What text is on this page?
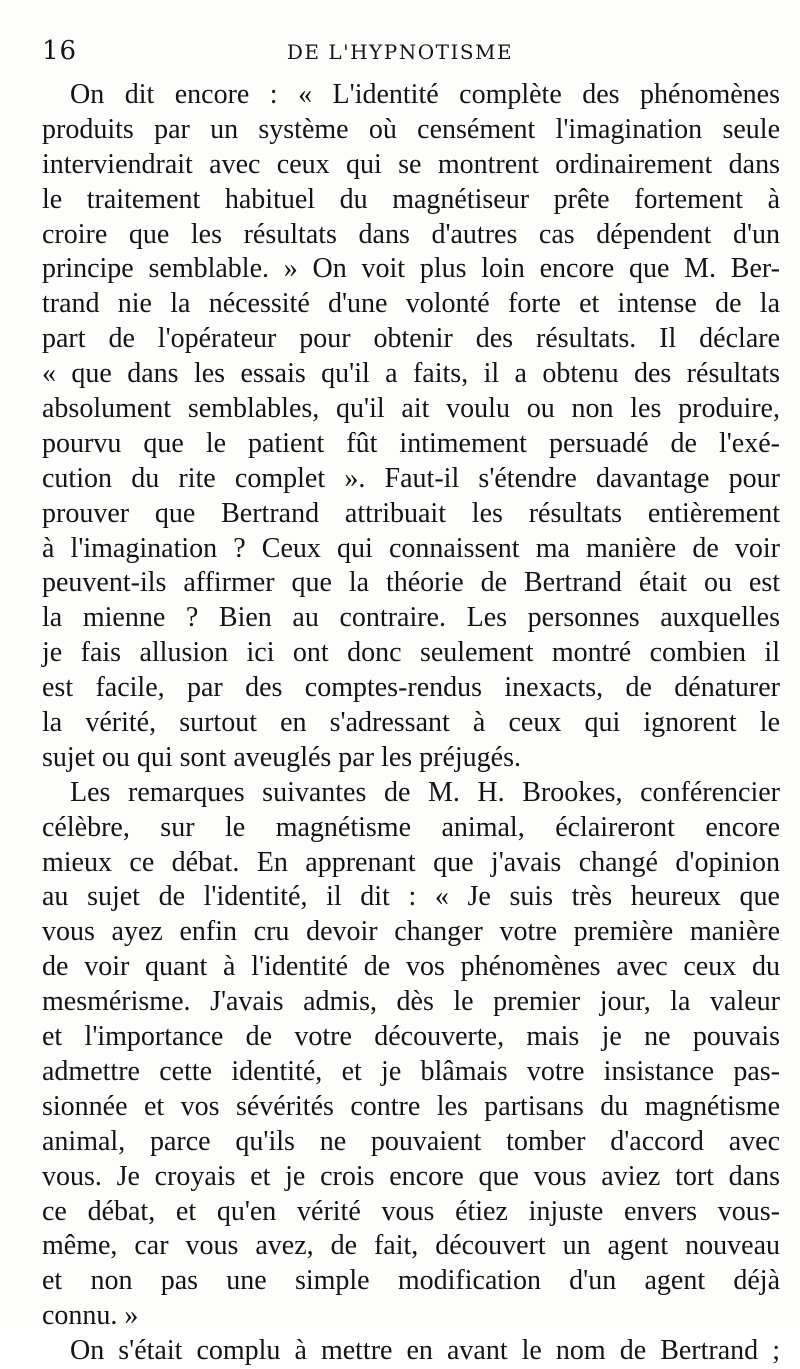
16	DE L'HYPNOTISME
On dit encore : « L'identité complète des phénomènes
produits par un système où censément l'imagination seule
interviendrait avec ceux qui se montrent ordinairement dans
le traitement habituel du magnétiseur prête fortement à
croire que les résultats dans d'autres cas dépendent d'un
principe semblable. » On voit plus loin encore que M. Ber-
trand nie la nécessité d'une volonté forte et intense de la
part de l'opérateur pour obtenir des résultats. Il déclare
« que dans les essais qu'il a faits, il a obtenu des résultats
absolument semblables, qu'il ait voulu ou non les produire,
pourvu que le patient fût intimement persuadé de l'exé-
cution du rite complet ». Faut-il s'étendre davantage pour
prouver que Bertrand attribuait les résultats entièrement
à l'imagination ? Ceux qui connaissent ma manière de voir
peuvent-ils affirmer que la théorie de Bertrand était ou est
la mienne ? Bien au contraire. Les personnes auxquelles
je fais allusion ici ont donc seulement montré combien il
est facile, par des comptes-rendus inexacts, de dénaturer
la vérité, surtout en s'adressant à ceux qui ignorent le
sujet ou qui sont aveuglés par les préjugés.
Les remarques suivantes de M. H. Brookes, conférencier
célèbre, sur le magnétisme animal, éclaireront encore
mieux ce débat. En apprenant que j'avais changé d'opinion
au sujet de l'identité, il dit : « Je suis très heureux que
vous ayez enfin cru devoir changer votre première manière
de voir quant à l'identité de vos phénomènes avec ceux du
mesmérisme. J'avais admis, dès le premier jour, la valeur
et l'importance de votre découverte, mais je ne pouvais
admettre cette identité, et je blâmais votre insistance pas-
sionnée et vos sévérités contre les partisans du magnétisme
animal, parce qu'ils ne pouvaient tomber d'accord avec
vous. Je croyais et je crois encore que vous aviez tort dans
ce débat, et qu'en vérité vous étiez injuste envers vous-
même, car vous avez, de fait, découvert un agent nouveau
et non pas une simple modification d'un agent déjà
connu. »
On s'était complu à mettre en avant le nom de Bertrand ;
